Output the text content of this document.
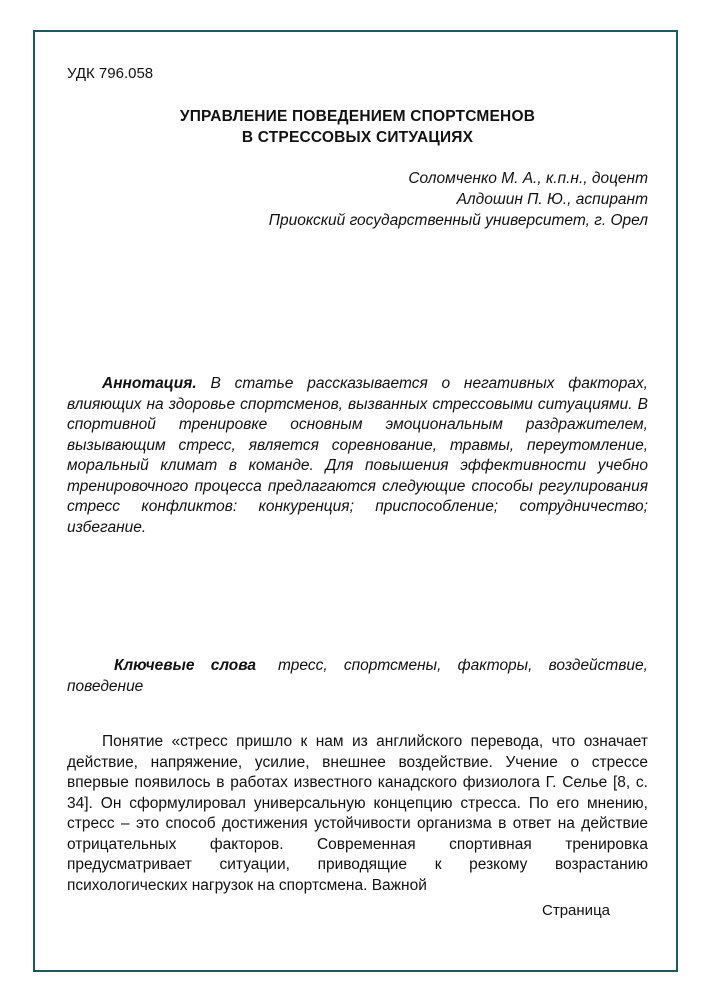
УДК 796.058
УПРАВЛЕНИЕ ПОВЕДЕНИЕМ СПОРТСМЕНОВ
В СТРЕССОВЫХ СИТУАЦИЯХ
Соломченко М. А., к.п.н., доцент
Алдошин П. Ю., аспирант
Приокский государственный университет, г. Орел

Аннотация. В статье рассказывается о негативных факторах, влияющих на здоровье спортсменов, вызванных стрессовыми ситуациями. В спортивной тренировке основным эмоциональным раздражителем, вызывающим стресс, является соревнование, травмы, переутомление, моральный климат в команде. Для повышения эффективности учебно тренировочного процесса предлагаются следующие способы регулирования стресс конфликтов: конкуренция; приспособление; сотрудничество; избегание.

Ключевые слова тресс, спортсмены, факторы, воздействие, поведение

Понятие «стресс пришло к нам из английского перевода, что означает действие, напряжение, усилие, внешнее воздействие. Учение о стрессе впервые появилось в работах известного канадского физиолога Г. Селье [8, с. 34]. Он сформулировал универсальную концепцию стресса. По его мнению, стресс – это способ достижения устойчивости организма в ответ на действие отрицательных факторов. Современная спортивная тренировка предусматривает ситуации, приводящие к резкому возрастанию психологических нагрузок на спортсмена. Важной

Страница
